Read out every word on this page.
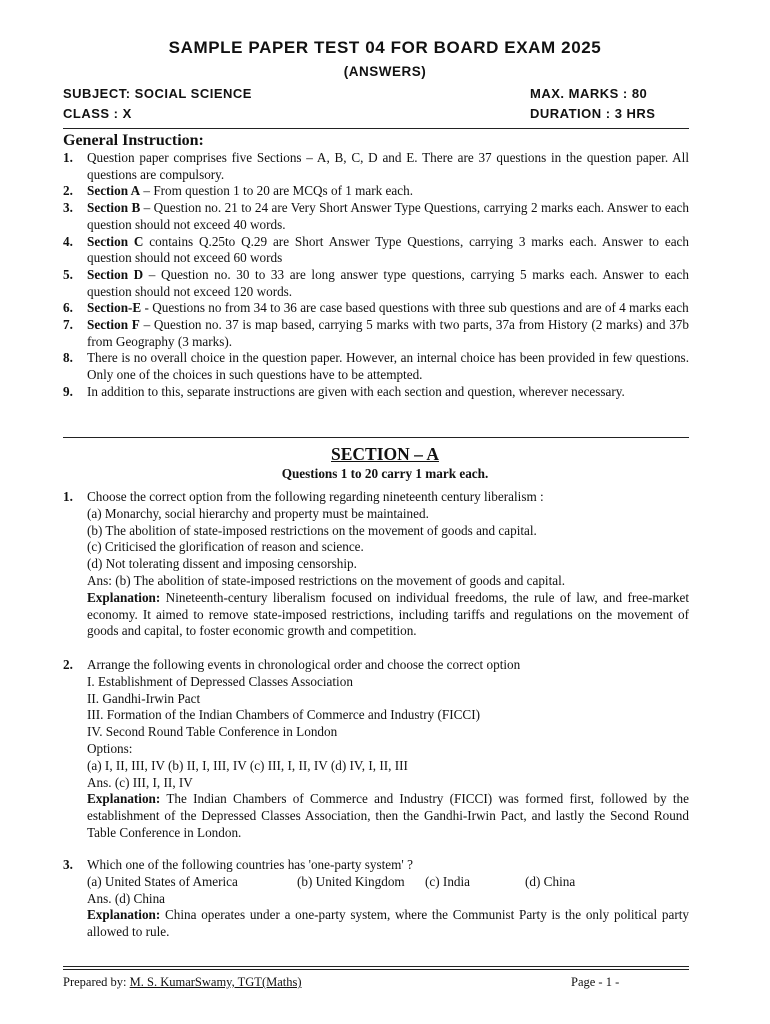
SAMPLE PAPER TEST 04 FOR BOARD EXAM 2025
(ANSWERS)
SUBJECT: SOCIAL SCIENCE	MAX. MARKS : 80
CLASS : X	DURATION : 3 HRS
General Instruction:
1. Question paper comprises five Sections – A, B, C, D and E. There are 37 questions in the question paper. All questions are compulsory.
2. Section A – From question 1 to 20 are MCQs of 1 mark each.
3. Section B – Question no. 21 to 24 are Very Short Answer Type Questions, carrying 2 marks each. Answer to each question should not exceed 40 words.
4. Section C contains Q.25to Q.29 are Short Answer Type Questions, carrying 3 marks each. Answer to each question should not exceed 60 words
5. Section D – Question no. 30 to 33 are long answer type questions, carrying 5 marks each. Answer to each question should not exceed 120 words.
6. Section-E - Questions no from 34 to 36 are case based questions with three sub questions and are of 4 marks each
7. Section F – Question no. 37 is map based, carrying 5 marks with two parts, 37a from History (2 marks) and 37b from Geography (3 marks).
8. There is no overall choice in the question paper. However, an internal choice has been provided in few questions. Only one of the choices in such questions have to be attempted.
9. In addition to this, separate instructions are given with each section and question, wherever necessary.
SECTION – A
Questions 1 to 20 carry 1 mark each.
1. Choose the correct option from the following regarding nineteenth century liberalism :
(a) Monarchy, social hierarchy and property must be maintained.
(b) The abolition of state-imposed restrictions on the movement of goods and capital.
(c) Criticised the glorification of reason and science.
(d) Not tolerating dissent and imposing censorship.
Ans: (b) The abolition of state-imposed restrictions on the movement of goods and capital.
Explanation: Nineteenth-century liberalism focused on individual freedoms, the rule of law, and free-market economy. It aimed to remove state-imposed restrictions, including tariffs and regulations on the movement of goods and capital, to foster economic growth and competition.
2. Arrange the following events in chronological order and choose the correct option
I. Establishment of Depressed Classes Association
II. Gandhi-Irwin Pact
III. Formation of the Indian Chambers of Commerce and Industry (FICCI)
IV. Second Round Table Conference in London
Options:
(a) I, II, III, IV (b) II, I, III, IV (c) III, I, II, IV (d) IV, I, II, III
Ans. (c) III, I, II, IV
Explanation: The Indian Chambers of Commerce and Industry (FICCI) was formed first, followed by the establishment of the Depressed Classes Association, then the Gandhi-Irwin Pact, and lastly the Second Round Table Conference in London.
3. Which one of the following countries has 'one-party system' ?
(a) United States of America	(b) United Kingdom (c) India	(d) China
Ans. (d) China
Explanation: China operates under a one-party system, where the Communist Party is the only political party allowed to rule.
Prepared by: M. S. KumarSwamy, TGT(Maths)	Page - 1 -
